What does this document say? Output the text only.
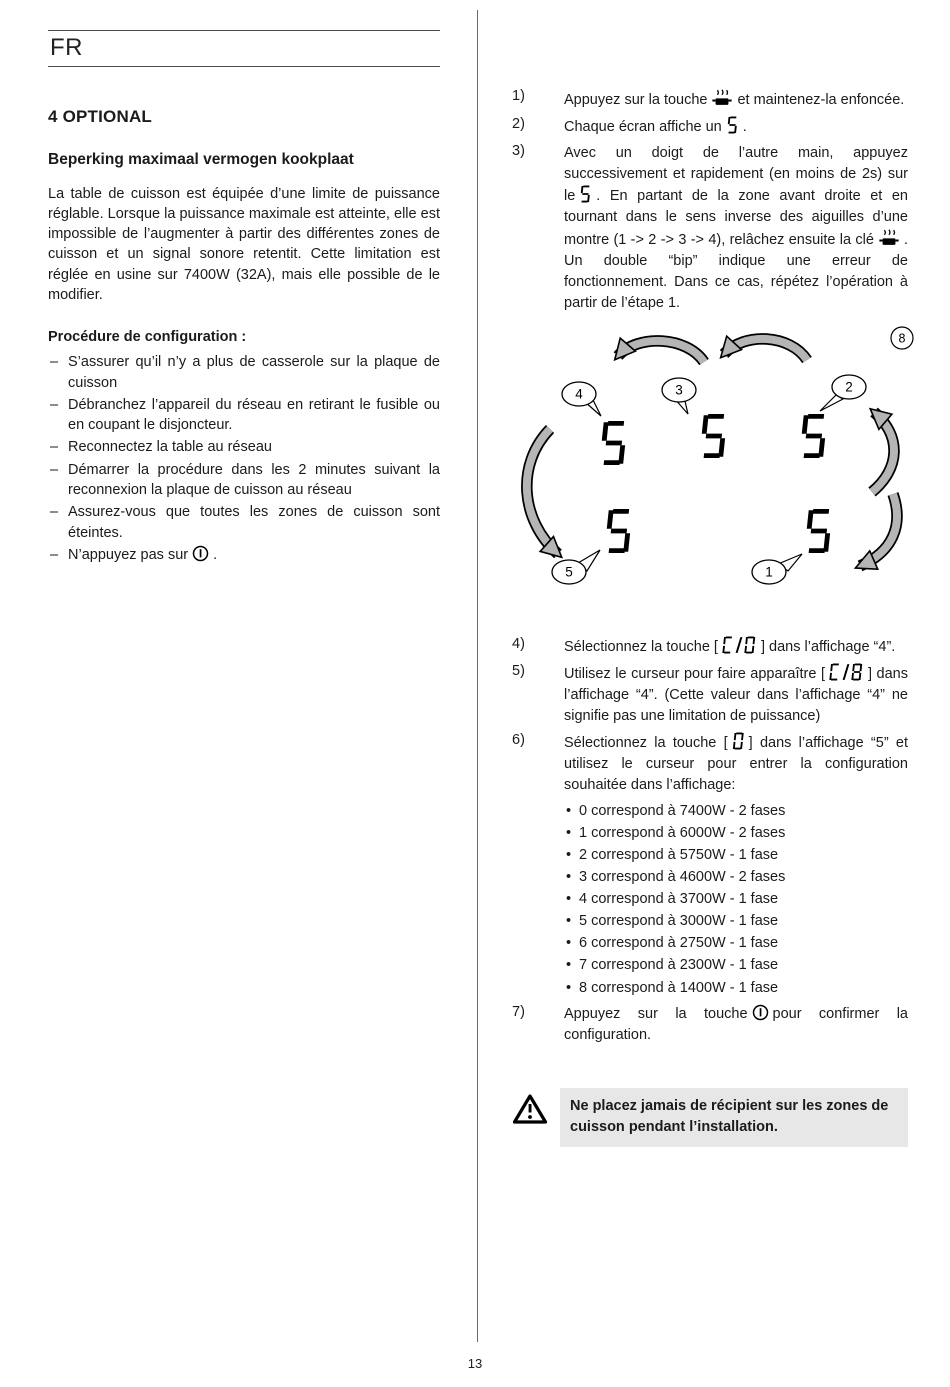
FR
4 OPTIONAL
Beperking maximaal vermogen kookplaat

La table de cuisson est équipée d’une limite de puissance réglable. Lorsque la puissance maximale est atteinte, elle est impossible de l’augmenter à partir des différentes zones de cuisson et un signal sonore retentit. Cette limitation est réglée en usine sur 7400W (32A), mais elle possible de le modifier.

Procédure de configuration :
– S’assurer qu’il n’y a plus de casserole sur la plaque de cuisson
– Débranchez l’appareil du réseau en retirant le fusible ou en coupant le disjoncteur.
– Reconnectez la table au réseau
– Démarrer la procédure dans les 2 minutes suivant la reconnexion la plaque de cuisson au réseau
– Assurez-vous que toutes les zones de cuisson sont éteintes.
– N’appuyez pas sur .
1)	Appuyez sur la touche et maintenez-la enfoncée.
2)	Chaque écran affiche un .
3)	Avec un doigt de l’autre main, appuyez successivement et rapidement (en moins de 2s) sur le . En partant de la zone avant droite et en tournant dans le sens inverse des aiguilles d’une montre (1 -> 2 -> 3 -> 4), relâchez ensuite la clé . Un double “bip” indique une erreur de fonctionnement. Dans ce cas, répétez l’opération à partir de l’étape 1.
8
4	3	2
5	1
4)	Sélectionnez la touche [	] dans l’affichage “4”.
5)	Utilisez le curseur pour faire apparaître [	] dans l’affichage “4”. (Cette valeur dans l’affichage “4” ne signifie pas une limitation de puissance)
6)	Sélectionnez la touche [ ] dans l’affichage “5” et utilisez le curseur pour entrer la configuration souhaitée dans l’affichage:
• 0 correspond à 7400W - 2 fases
• 1 correspond à 6000W - 2 fases
• 2 correspond à 5750W - 1 fase
• 3 correspond à 4600W - 2 fases
• 4 correspond à 3700W - 1 fase
• 5 correspond à 3000W - 1 fase
• 6 correspond à 2750W - 1 fase
• 7 correspond à 2300W - 1 fase
• 8 correspond à 1400W - 1 fase
7)	Appuyez sur la touche pour confirmer la configuration.
Ne placez jamais de récipient sur les zones de cuisson pendant l’installation.
13
